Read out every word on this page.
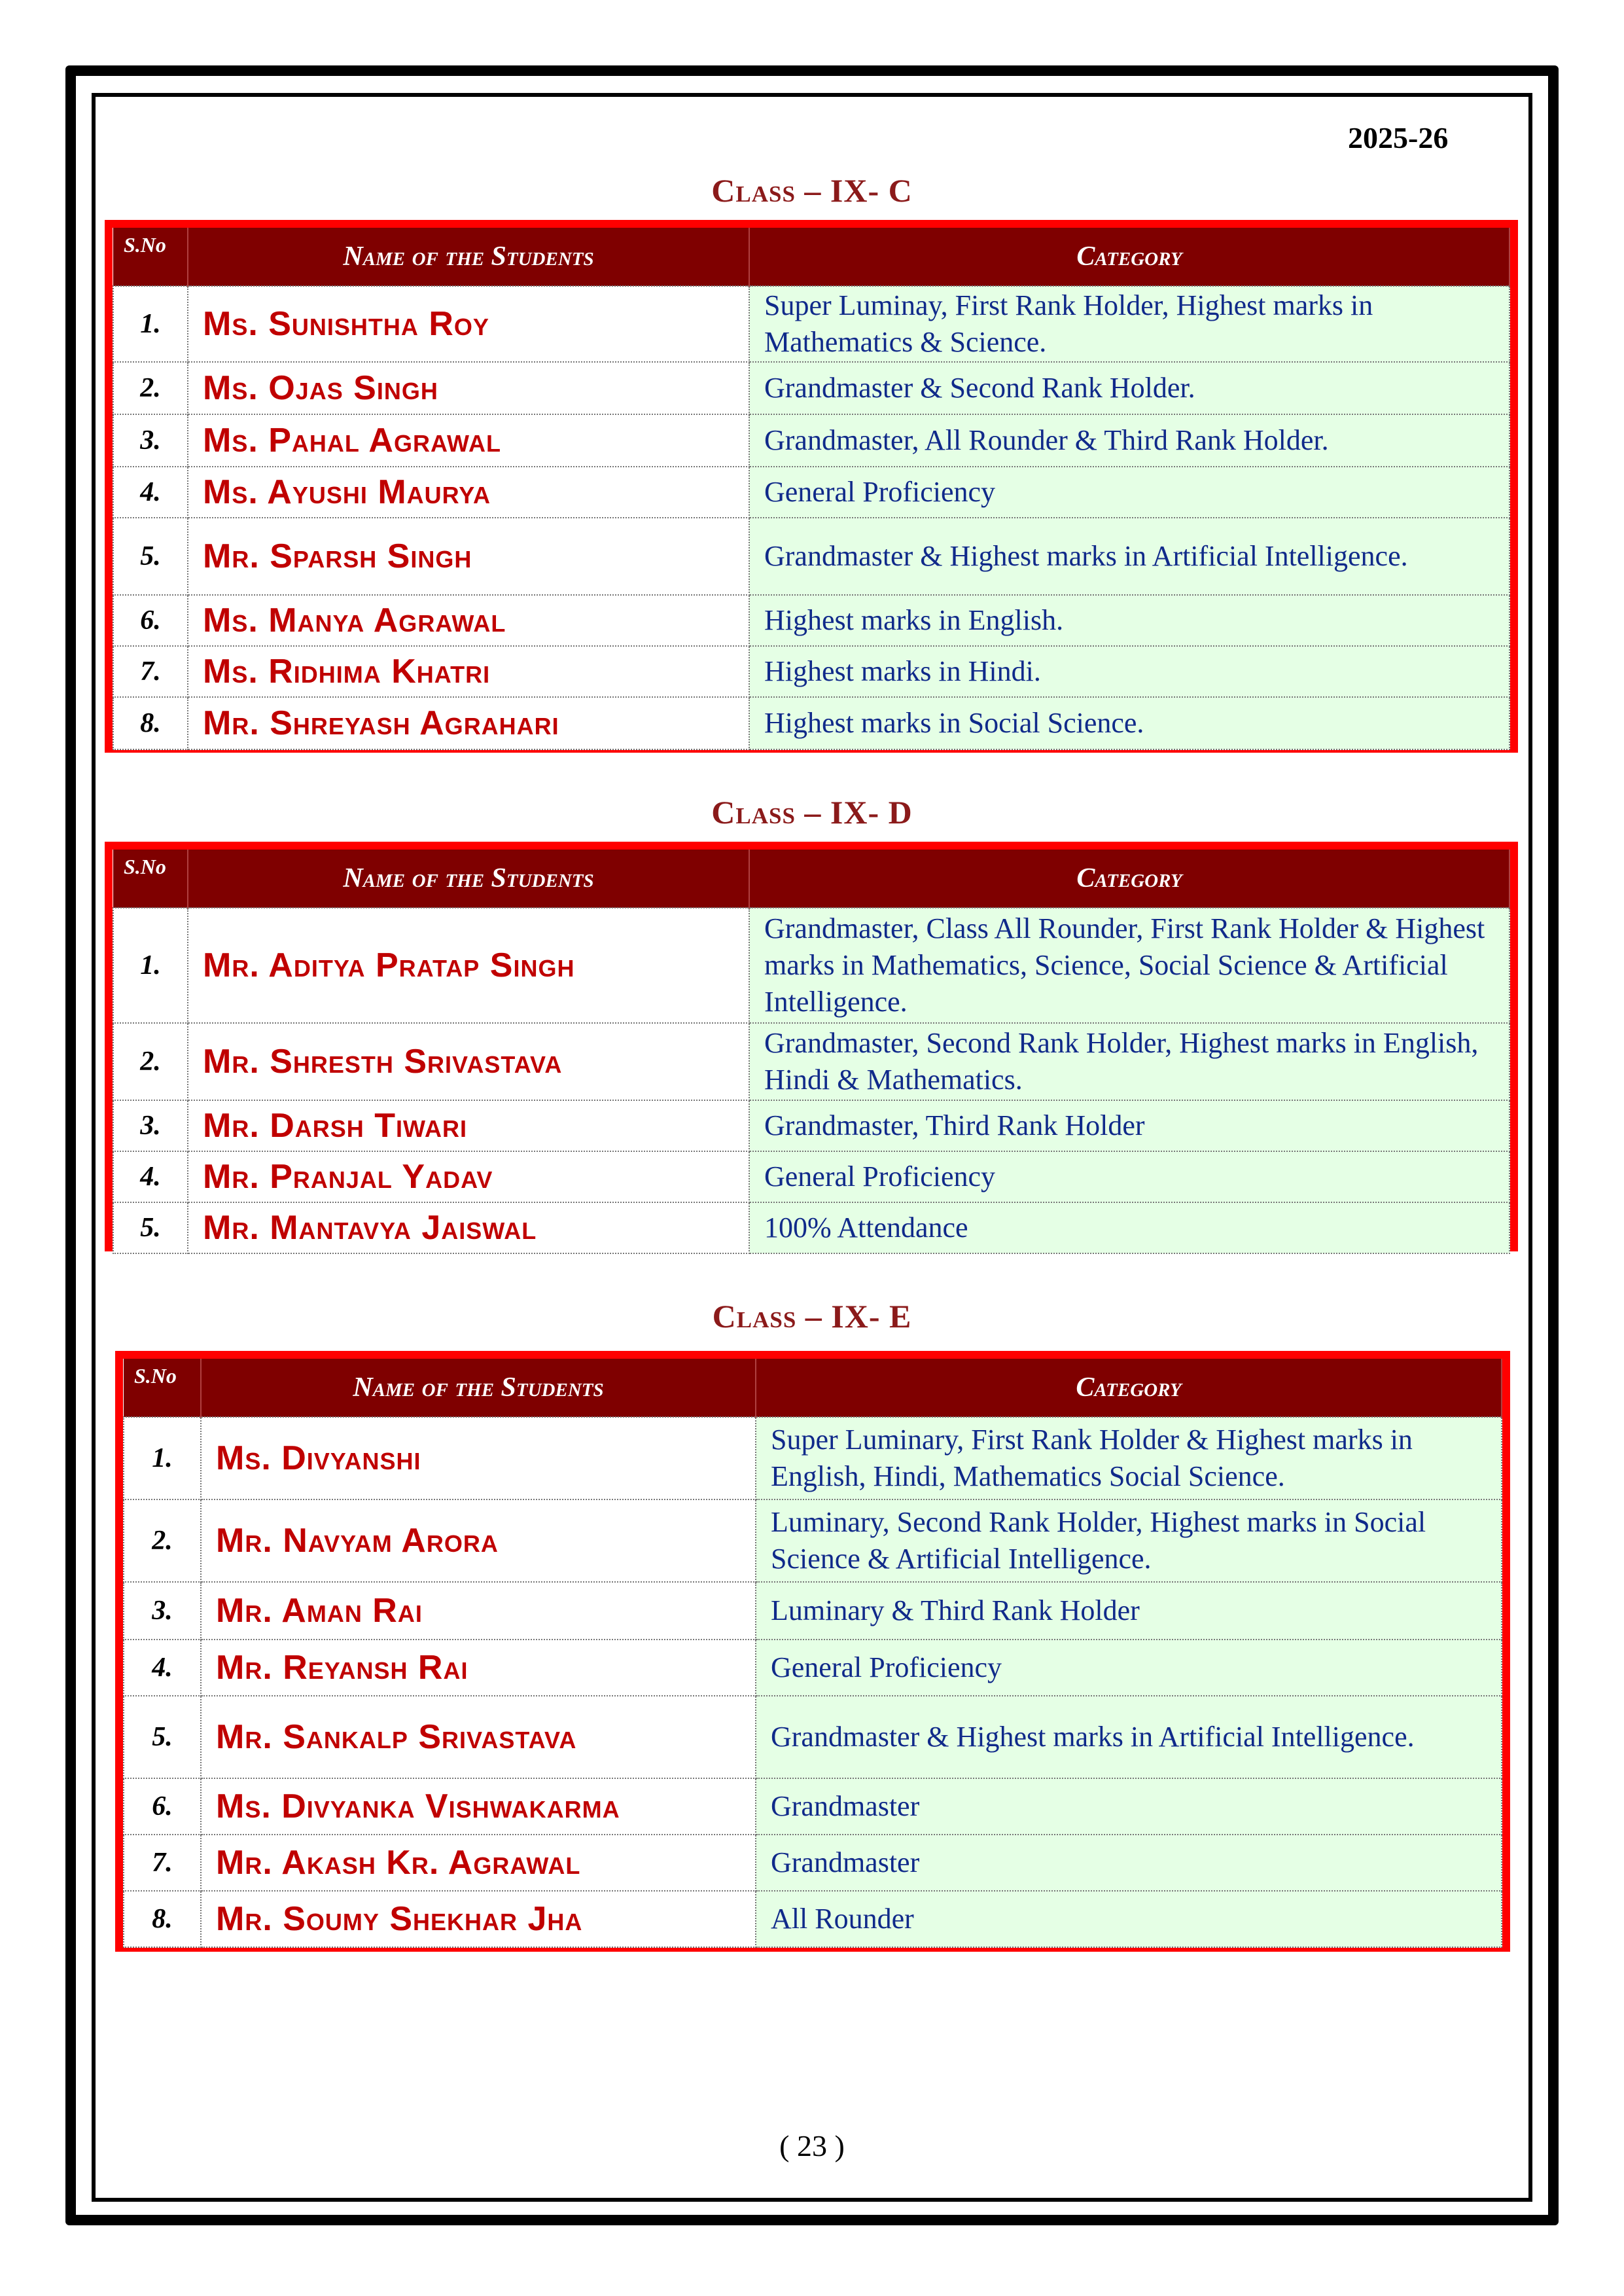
2025-26
Class – IX- C
S.No	Name of the Students	Category
1.	Ms. Sunishtha Roy	Super Luminay, First Rank Holder, Highest marks in Mathematics & Science.
2.	Ms. Ojas Singh	Grandmaster & Second Rank Holder.
3.	Ms. Pahal Agrawal	Grandmaster, All Rounder & Third Rank Holder.
4.	Ms. Ayushi Maurya	General Proficiency
5.	Mr. Sparsh Singh	Grandmaster & Highest marks in Artificial Intelligence.
6.	Ms. Manya Agrawal	Highest marks in English.
7.	Ms. Ridhima Khatri	Highest marks in Hindi.
8.	Mr. Shreyash Agrahari	Highest marks in Social Science.
Class – IX- D
S.No	Name of the Students	Category
1.	Mr. Aditya Pratap Singh	Grandmaster, Class All Rounder, First Rank Holder & Highest marks in Mathematics, Science, Social Science & Artificial Intelligence.
2.	Mr. Shresth Srivastava	Grandmaster, Second Rank Holder, Highest marks in English, Hindi & Mathematics.
3.	Mr. Darsh Tiwari	Grandmaster, Third Rank Holder
4.	Mr. Pranjal Yadav	General Proficiency
5.	Mr. Mantavya Jaiswal	100% Attendance
Class – IX- E
S.No	Name of the Students	Category
1.	Ms. Divyanshi	Super Luminary, First Rank Holder & Highest marks in English, Hindi, Mathematics Social Science.
2.	Mr. Navyam Arora	Luminary, Second Rank Holder, Highest marks in Social Science & Artificial Intelligence.
3.	Mr. Aman Rai	Luminary & Third Rank Holder
4.	Mr. Reyansh Rai	General Proficiency
5.	Mr. Sankalp Srivastava	Grandmaster & Highest marks in Artificial Intelligence.
6.	Ms. Divyanka Vishwakarma	Grandmaster
7.	Mr. Akash Kr. Agrawal	Grandmaster
8.	Mr. Soumy Shekhar Jha	All Rounder
( 23 )
